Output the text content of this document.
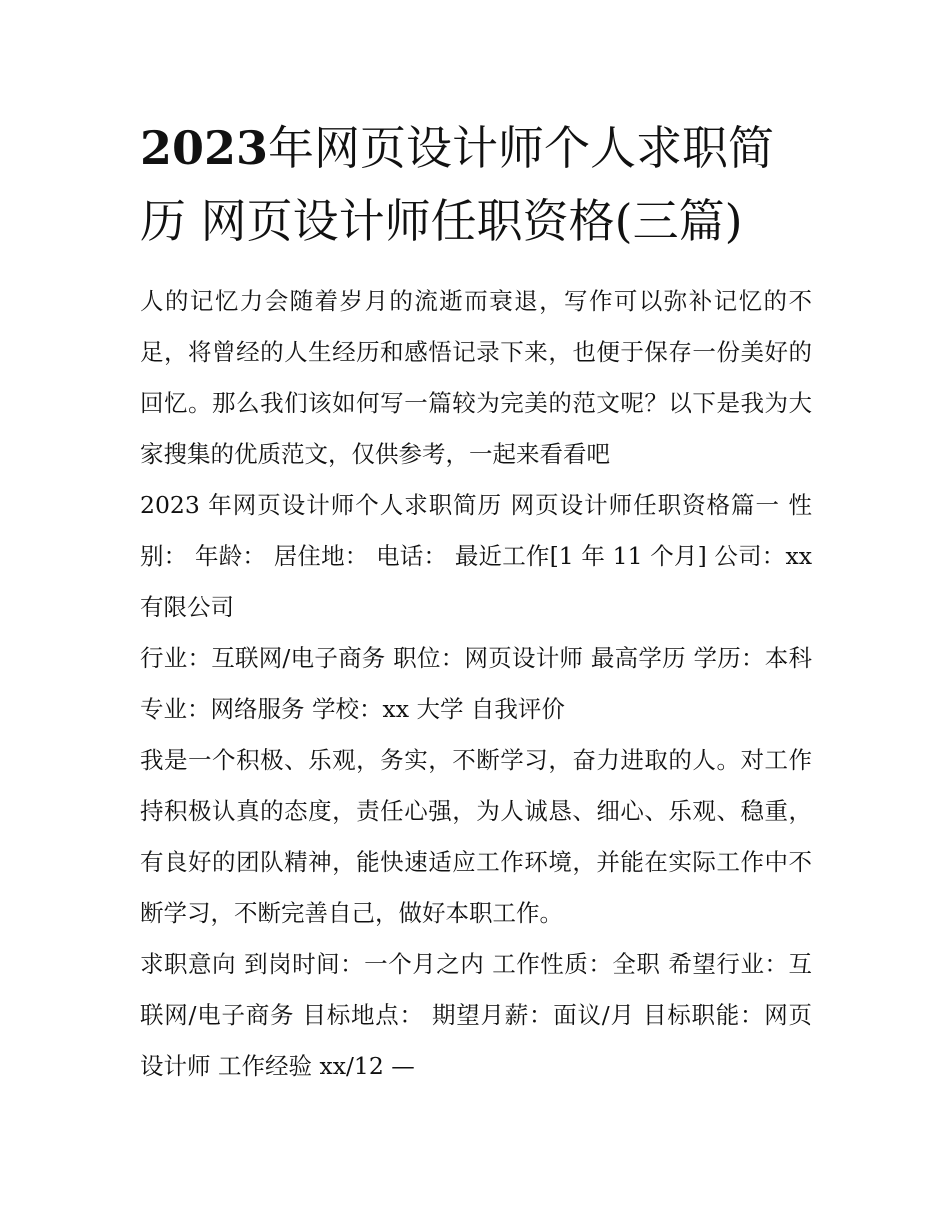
2023年网页设计师个人求职简历 网页设计师任职资格(三篇)

人的记忆力会随着岁月的流逝而衰退，写作可以弥补记忆的不足，将曾经的人生经历和感悟记录下来，也便于保存一份美好的回忆。那么我们该如何写一篇较为完美的范文呢？以下是我为大家搜集的优质范文，仅供参考，一起来看看吧

2023 年网页设计师个人求职简历 网页设计师任职资格篇一 性别： 年龄： 居住地： 电话： 最近工作[1 年 11 个月] 公司：xx 有限公司

行业：互联网/电子商务 职位：网页设计师 最高学历 学历：本科 专业：网络服务 学校：xx 大学 自我评价

我是一个积极、乐观，务实，不断学习，奋力进取的人。对工作持积极认真的态度，责任心强，为人诚恳、细心、乐观、稳重，有良好的团队精神，能快速适应工作环境，并能在实际工作中不断学习，不断完善自己，做好本职工作。

求职意向 到岗时间：一个月之内 工作性质：全职 希望行业：互联网/电子商务 目标地点： 期望月薪：面议/月 目标职能：网页设计师 工作经验 xx/12 —
